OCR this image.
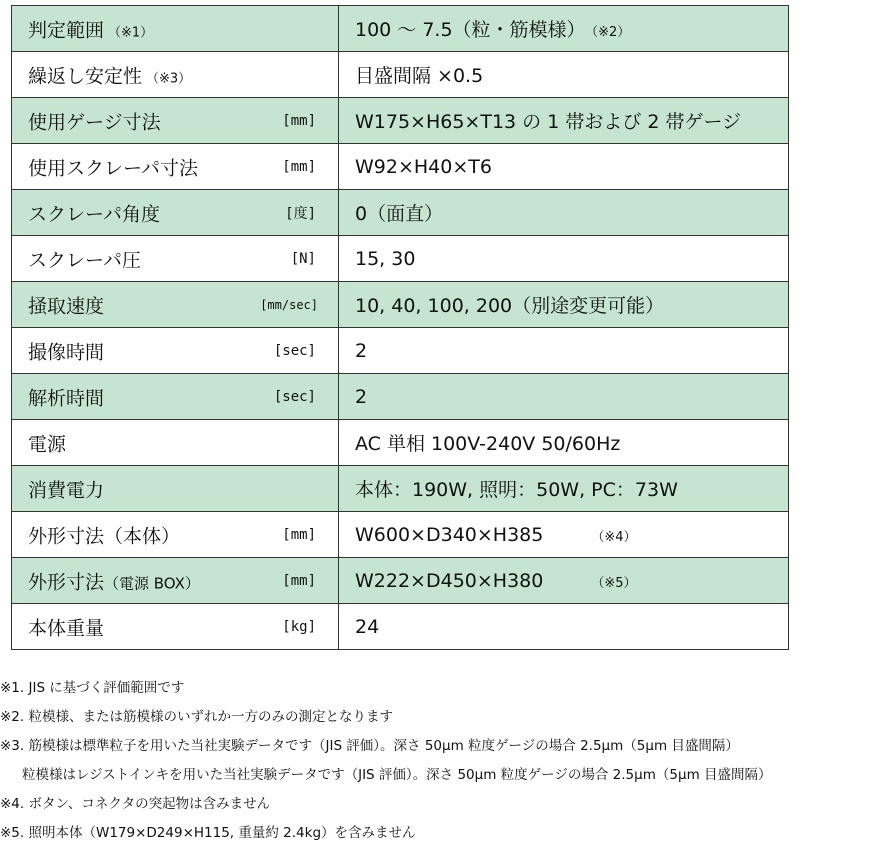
判定範囲 （※1）	100 ～ 7.5（粒・筋模様） （※2）

繰返し安定性 （※3）	目盛間隔 ×0.5

使用ゲージ寸法 [mm]	W175×H65×T13 の 1 帯および 2 帯ゲージ

使用スクレーパ寸法 [mm]	W92×H40×T6

スクレーパ角度 [度]	0（面直）

スクレーパ圧 [N]	15, 30

掻取速度 [mm/sec]	10, 40, 100, 200（別途変更可能）

撮像時間 [sec]	2

解析時間 [sec]	2

電源	AC 単相 100V-240V 50/60Hz

消費電力	本体：190W, 照明：50W, PC：73W

外形寸法（本体） [mm]	W600×D340×H385 （※4）

外形寸法（電源 BOX） [mm]	W222×D450×H380 （※5）

本体重量 [kg]	24
※1. JIS に基づく評価範囲です
※2. 粒模様、または筋模様のいずれか一方のみの測定となります
※3. 筋模様は標準粒子を用いた当社実験データです（JIS 評価）。深さ 50μm 粒度ゲージの場合 2.5μm（5μm 目盛間隔）
粒模様はレジストインキを用いた当社実験データです（JIS 評価）。深さ 50μm 粒度ゲージの場合 2.5μm（5μm 目盛間隔）
※4. ボタン、コネクタの突起物は含みません
※5. 照明本体（W179×D249×H115, 重量約 2.4kg）を含みません
